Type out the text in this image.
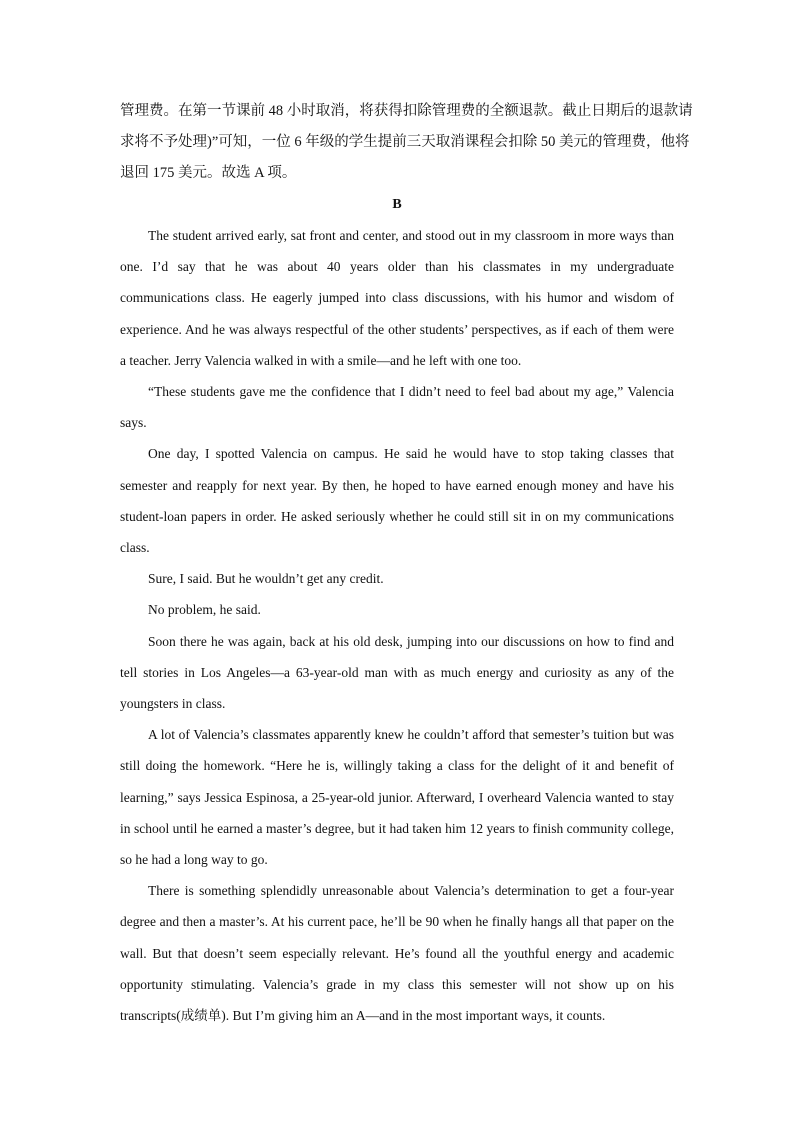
管理费。在第一节课前 48 小时取消，将获得扣除管理费的全额退款。截止日期后的退款请
求将不予处理)”可知，一位 6 年级的学生提前三天取消课程会扣除 50 美元的管理费，他将
退回 175 美元。故选 A 项。
B

The student arrived early, sat front and center, and stood out in my classroom in more ways than one. I’d say that he was about 40 years older than his classmates in my undergraduate communications class. He eagerly jumped into class discussions, with his humor and wisdom of experience. And he was always respectful of the other students’ perspectives, as if each of them were a teacher. Jerry Valencia walked in with a smile—and he left with one too.

“These students gave me the confidence that I didn’t need to feel bad about my age,” Valencia says.

One day, I spotted Valencia on campus. He said he would have to stop taking classes that semester and reapply for next year. By then, he hoped to have earned enough money and have his student-loan papers in order. He asked seriously whether he could still sit in on my communications class.

Sure, I said. But he wouldn’t get any credit.

No problem, he said.

Soon there he was again, back at his old desk, jumping into our discussions on how to find and tell stories in Los Angeles—a 63-year-old man with as much energy and curiosity as any of the youngsters in class.

A lot of Valencia’s classmates apparently knew he couldn’t afford that semester’s tuition but was still doing the homework. “Here he is, willingly taking a class for the delight of it and benefit of learning,” says Jessica Espinosa, a 25-year-old junior. Afterward, I overheard Valencia wanted to stay in school until he earned a master’s degree, but it had taken him 12 years to finish community college, so he had a long way to go.

There is something splendidly unreasonable about Valencia’s determination to get a four-year degree and then a master’s. At his current pace, he’ll be 90 when he finally hangs all that paper on the wall. But that doesn’t seem especially relevant. He’s found all the youthful energy and academic opportunity stimulating. Valencia’s grade in my class this semester will not show up on his transcripts(成绩单). But I’m giving him an A—and in the most important ways, it counts.
